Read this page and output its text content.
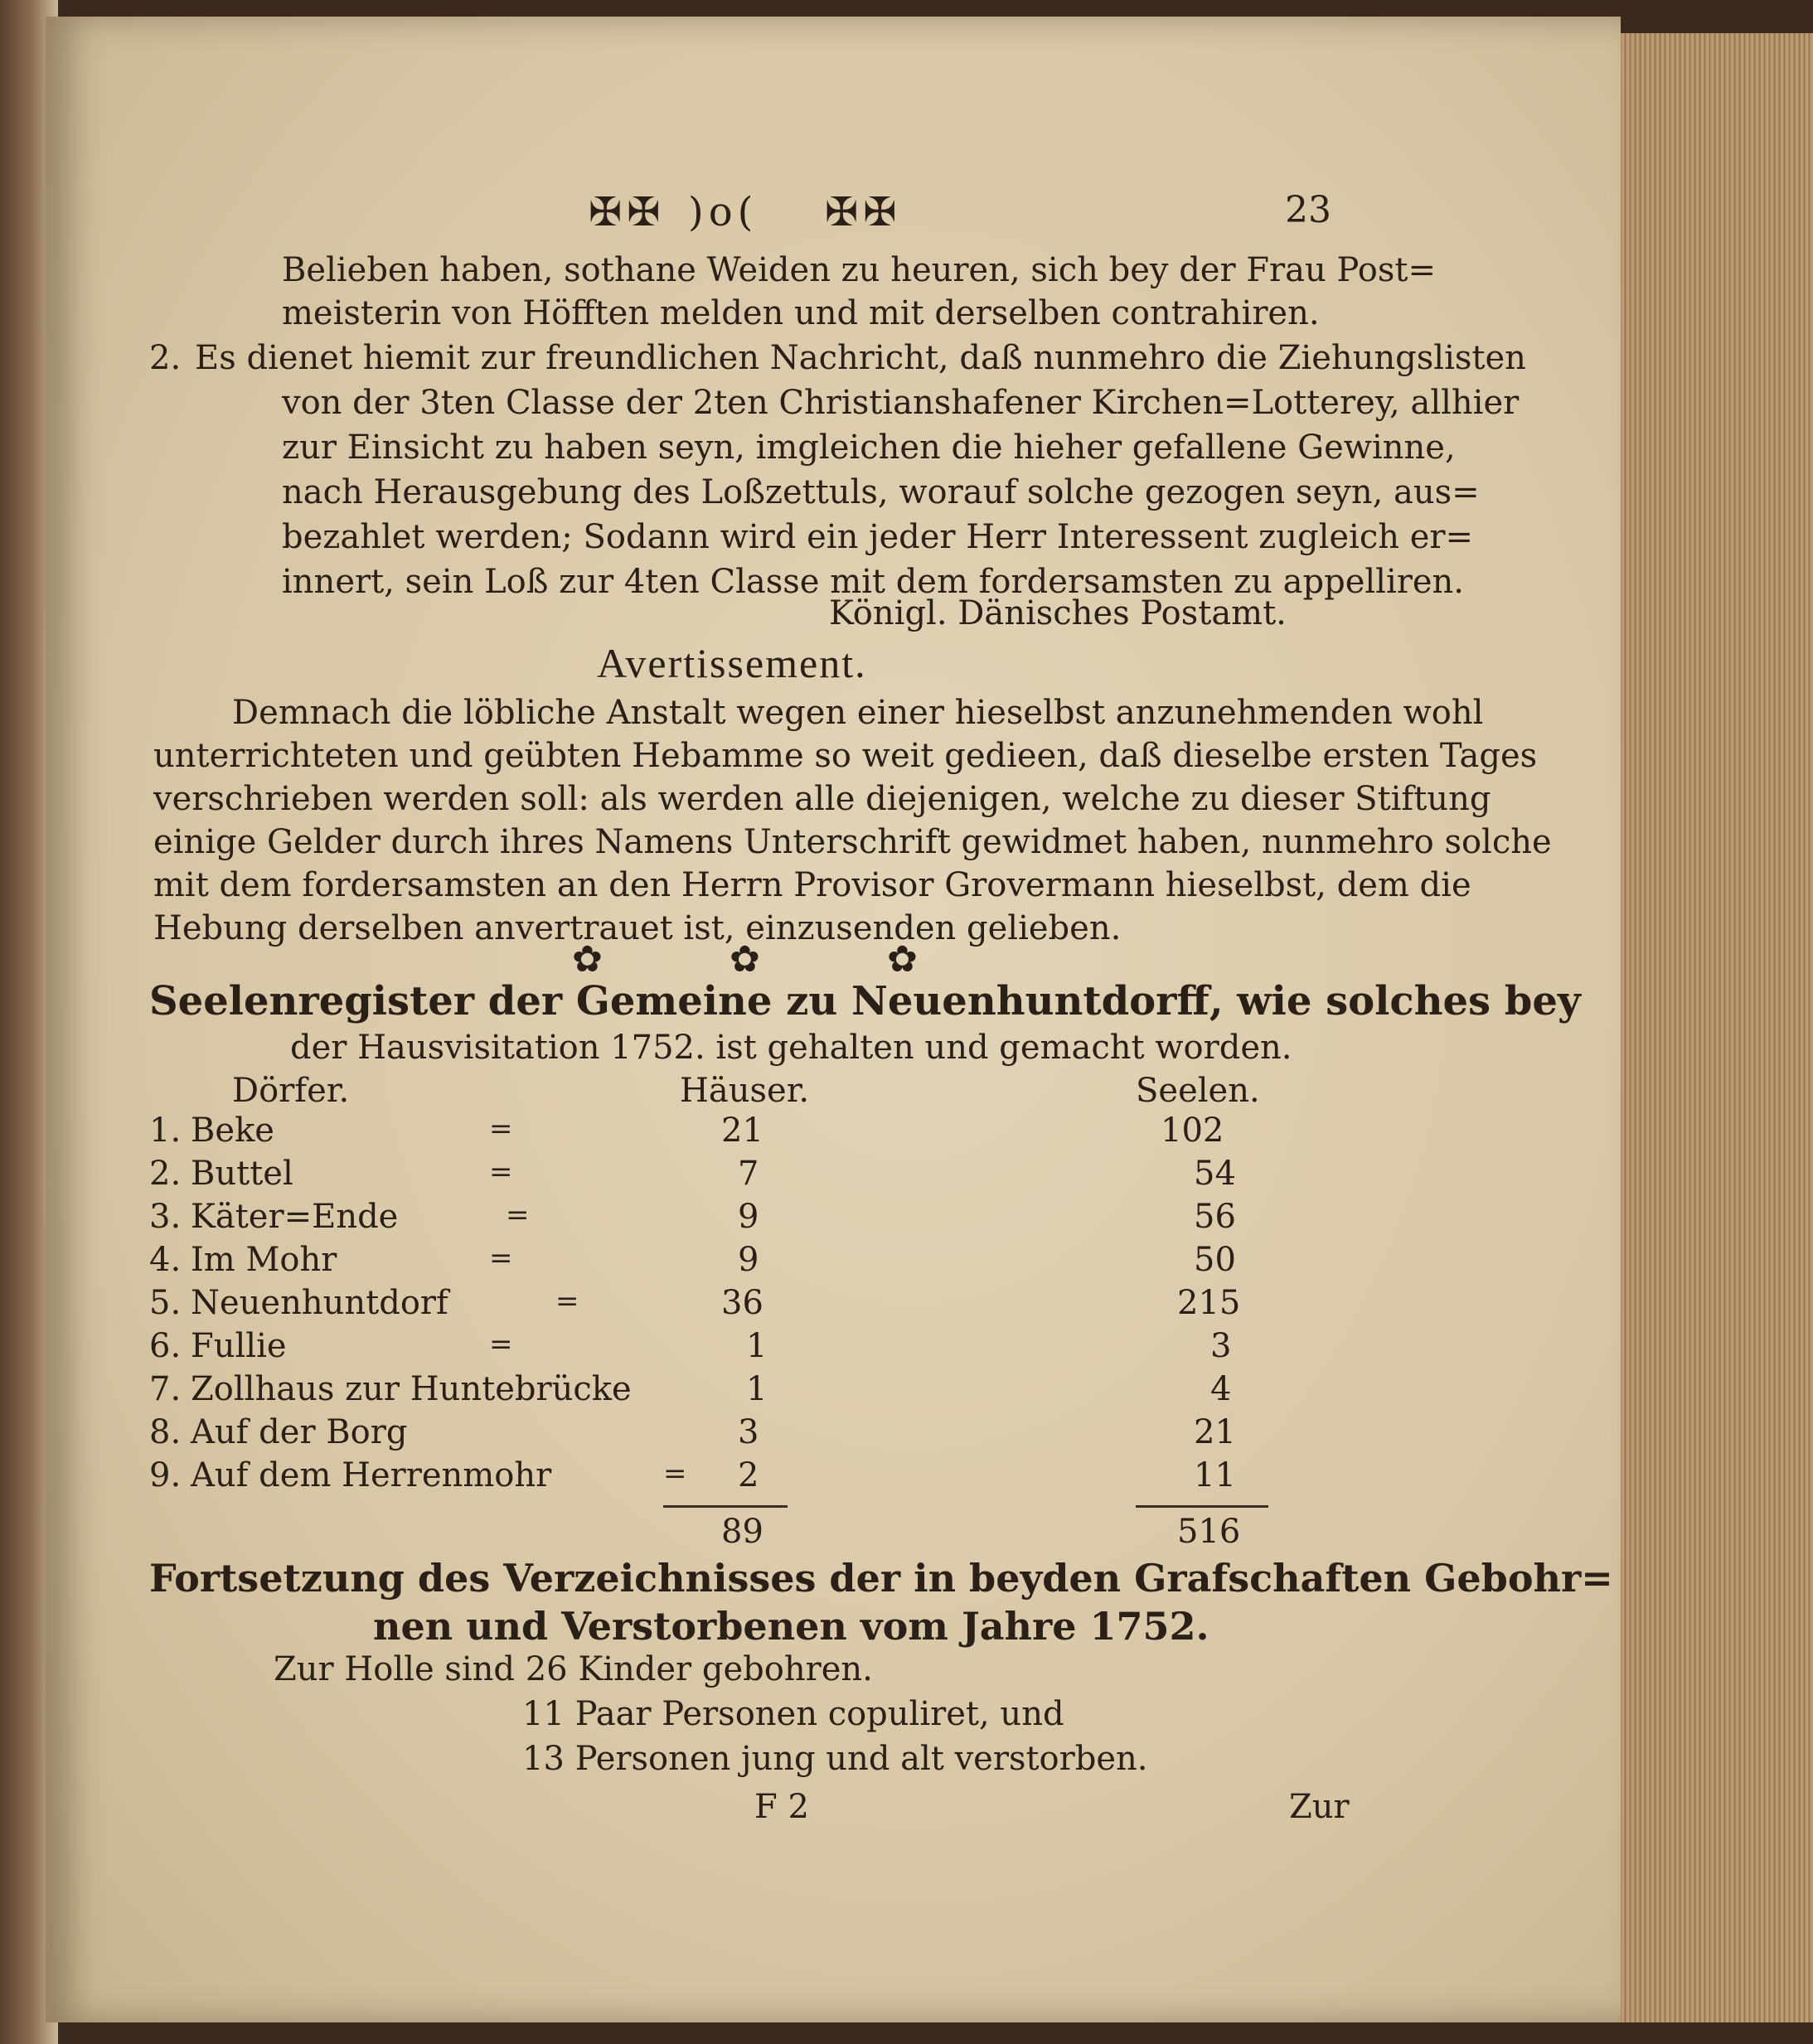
✠✠ )o( ✠✠	23
Belieben haben, sothane Weiden zu heuren, sich bey der Frau Post=
meisterin von Höfften melden und mit derselben contrahiren.
2. Es dienet hiemit zur freundlichen Nachricht, daß nunmehro die Ziehungslisten
von der 3ten Classe der 2ten Christianshafener Kirchen=Lotterey, allhier
zur Einsicht zu haben seyn, imgleichen die hieher gefallene Gewinne,
nach Herausgebung des Loßzettuls, worauf solche gezogen seyn, aus=
bezahlet werden; Sodann wird ein jeder Herr Interessent zugleich er=
innert, sein Loß zur 4ten Classe mit dem fordersamsten zu appelliren.
Königl. Dänisches Postamt.
Avertissement.
Demnach die löbliche Anstalt wegen einer hieselbst anzunehmenden wohl
unterrichteten und geübten Hebamme so weit gedieen, daß dieselbe ersten Tages
verschrieben werden soll: als werden alle diejenigen, welche zu dieser Stiftung
einige Gelder durch ihres Namens Unterschrift gewidmet haben, nunmehro solche
mit dem fordersamsten an den Herrn Provisor Grovermann hieselbst, dem die
Hebung derselben anvertrauet ist, einzusenden gelieben.
✿	✿	✿
Seelenregister der Gemeine zu Neuenhuntdorff, wie solches bey
der Hausvisitation 1752. ist gehalten und gemacht worden.
Dörfer.	Häuser.	Seelen.
1. Beke	=	21	102
2. Buttel	=	7	54
3. Käter=Ende	=	9	56
4. Im Mohr	=	9	50
5. Neuenhuntdorf	=	36	215
6. Fullie	=	1	3
7. Zollhaus zur Huntebrücke	1	4
8. Auf der Borg	3	21
9. Auf dem Herrenmohr	= 2	11
89	516
Fortsetzung des Verzeichnisses der in beyden Grafschaften Gebohr=
nen und Verstorbenen vom Jahre 1752.
Zur Holle sind 26 Kinder gebohren.
11 Paar Personen copuliret, und
13 Personen jung und alt verstorben.
F 2	Zur
